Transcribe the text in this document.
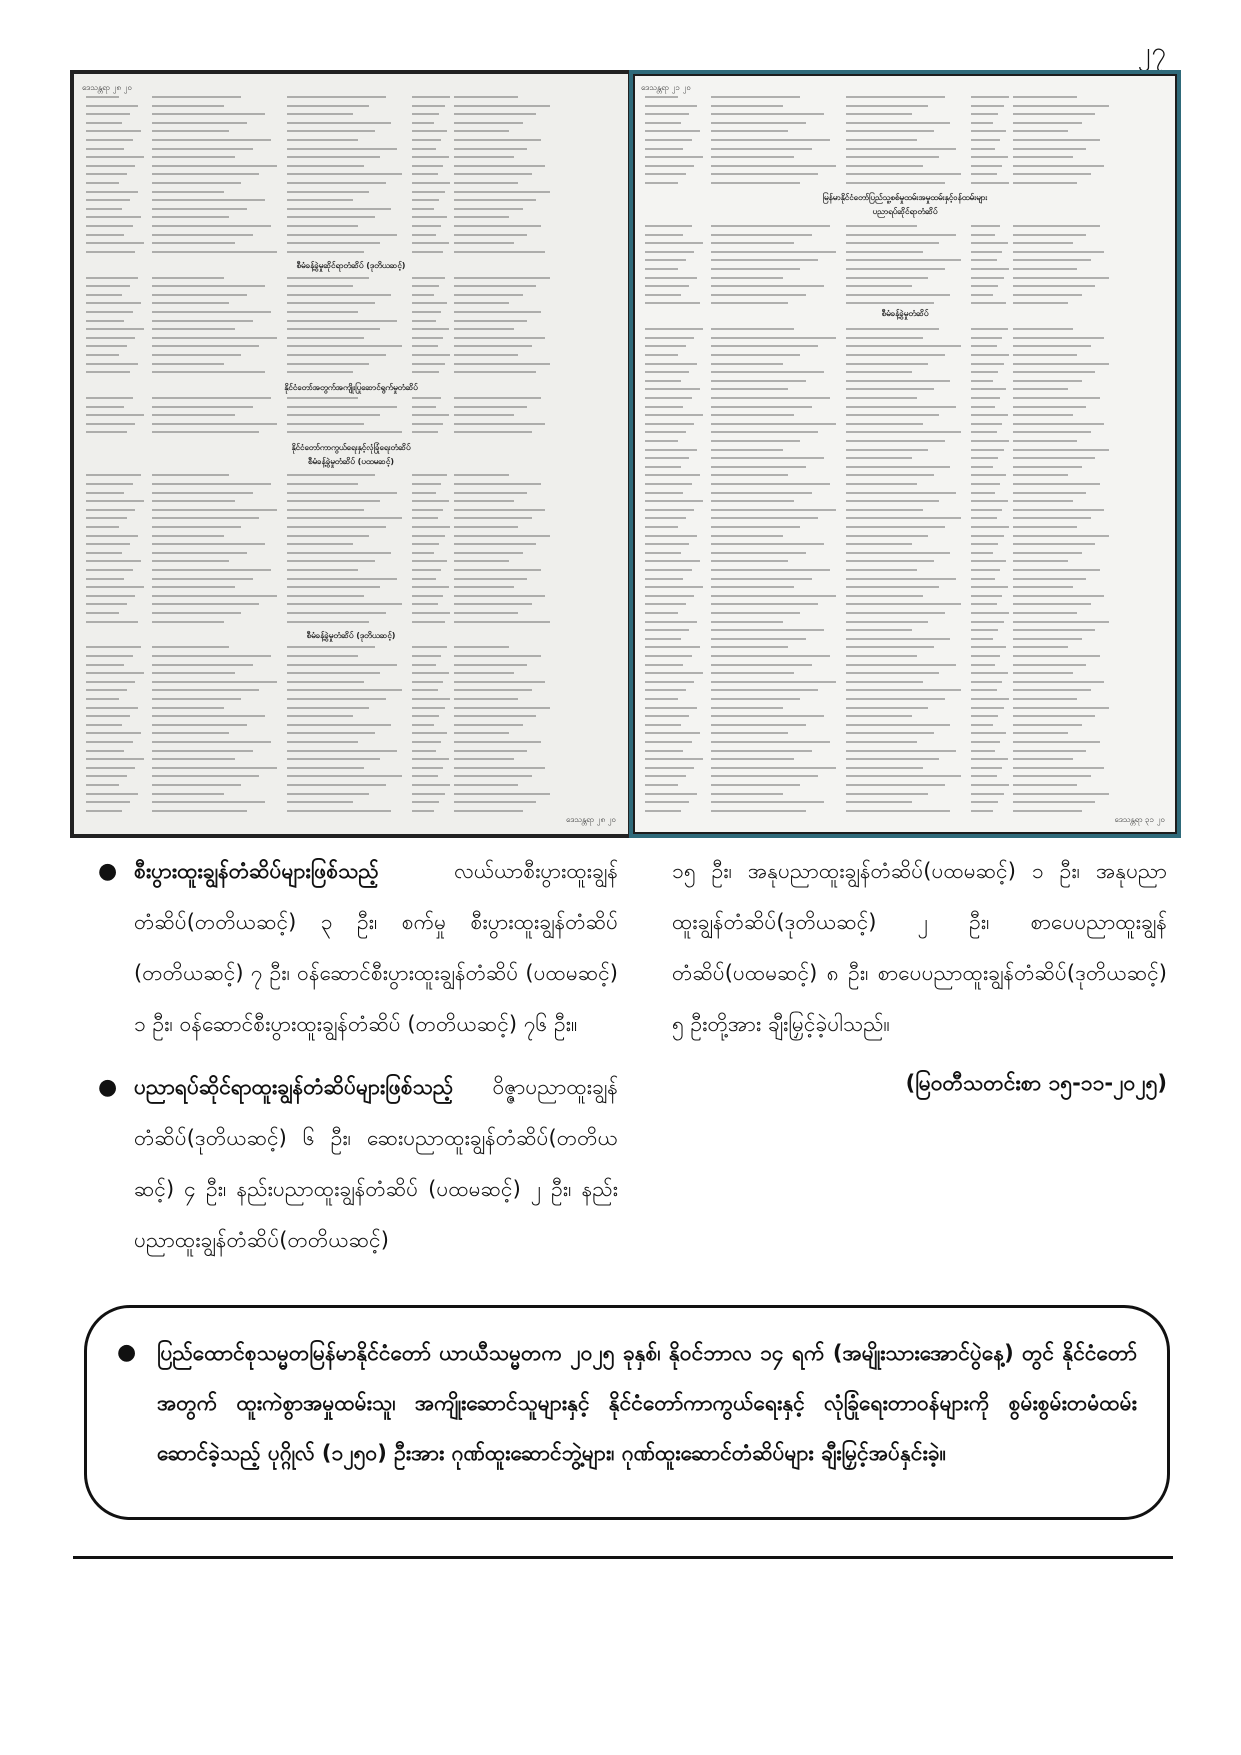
၂၇
ဒေသန္တရာ ၂၈ ၂၀
စီမံခန့်ခွဲမှုဆိုင်ရာတံဆိပ် (ဒုတိယဆင့်)
နိုင်ငံတော်အတွက်အကျိုးပြုဆောင်ရွက်မှုတံဆိပ်
နိုင်ငံတော်ကာကွယ်ရေးနှင့်လုံခြုံရေးတံဆိပ်
စီမံခန့်ခွဲမှုတံဆိပ် (ပထမဆင့်)
စီမံခန့်ခွဲမှုတံဆိပ် (ဒုတိယဆင့်)
ဒေသန္တရာ ၂၈ ၂၀
ဒေသန္တရာ ၂၁ ၂၀
မြန်မာနိုင်ငံတော်ပြည်သူ့စစ်မှုထမ်းအမှုထမ်းနှင့်ဝန်ထမ်းများ
ပညာရပ်ဆိုင်ရာတံဆိပ်
စီမံခန့်ခွဲမှုတံဆိပ်
ဒေသန္တရာ ၃၁ ၂၀
● စီးပွားထူးချွန်တံဆိပ်များဖြစ်သည့် လယ်ယာစီးပွားထူးချွန်တံဆိပ်(တတိယဆင့်) ၃ ဦး၊ စက်မှု စီးပွားထူးချွန်တံဆိပ် (တတိယဆင့်) ၇ ဦး၊ ဝန်ဆောင်စီးပွားထူးချွန်တံဆိပ် (ပထမဆင့်) ၁ ဦး၊ ဝန်ဆောင်စီးပွားထူးချွန်တံဆိပ် (တတိယဆင့်) ၇၆ ဦး။
● ပညာရပ်ဆိုင်ရာထူးချွန်တံဆိပ်များဖြစ်သည့် ဝိဇ္ဇာပညာထူးချွန်တံဆိပ်(ဒုတိယဆင့်) ၆ ဦး၊ ဆေးပညာထူးချွန်တံဆိပ်(တတိယဆင့်) ၄ ဦး၊ နည်းပညာထူးချွန်တံဆိပ် (ပထမဆင့်) ၂ ဦး၊ နည်းပညာထူးချွန်တံဆိပ်(တတိယဆင့်)
၁၅ ဦး၊ အနုပညာထူးချွန်တံဆိပ်(ပထမဆင့်) ၁ ဦး၊ အနုပညာထူးချွန်တံဆိပ်(ဒုတိယဆင့်) ၂ ဦး၊ စာပေပညာထူးချွန်တံဆိပ်(ပထမဆင့်) ၈ ဦး၊ စာပေပညာထူးချွန်တံဆိပ်(ဒုတိယဆင့်) ၅ ဦးတို့အား ချီးမြှင့်ခဲ့ပါသည်။
(မြဝတီသတင်းစာ ၁၅-၁၁-၂၀၂၅)
● ပြည်ထောင်စုသမ္မတမြန်မာနိုင်ငံတော် ယာယီသမ္မတက ၂၀၂၅ ခုနှစ်၊ နိုဝင်ဘာလ ၁၄ ရက် (အမျိုးသားအောင်ပွဲနေ့) တွင် နိုင်ငံတော်အတွက် ထူးကဲစွာအမှုထမ်းသူ၊ အကျိုးဆောင်သူများနှင့် နိုင်ငံတော်ကာကွယ်ရေးနှင့် လုံခြုံရေးတာဝန်များကို စွမ်းစွမ်းတမံထမ်းဆောင်ခဲ့သည့် ပုဂ္ဂိုလ် (၁၂၅၀) ဦးအား ဂုဏ်ထူးဆောင်ဘွဲ့များ၊ ဂုဏ်ထူးဆောင်တံဆိပ်များ ချီးမြှင့်အပ်နှင်းခဲ့။
